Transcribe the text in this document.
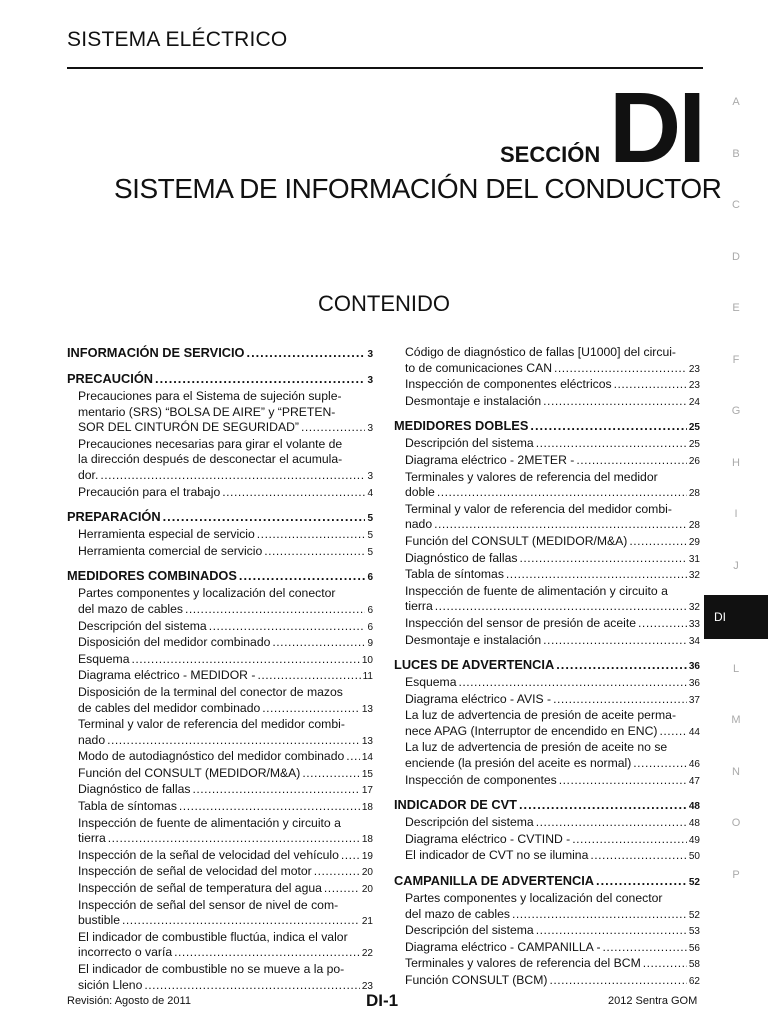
SISTEMA ELÉCTRICO
SECCIÓN DI
SISTEMA DE INFORMACIÓN DEL CONDUCTOR
CONTENIDO
A
B
C
D
E
F
G
H
I
J
DI
L
M
N
O
P
INFORMACIÓN DE SERVICIO .....	3
PRECAUCIÓN .....	3
Precauciones para el Sistema de sujeción suple-
mentario (SRS) “BOLSA DE AIRE” y “PRETEN-
SOR DEL CINTURÓN DE SEGURIDAD” .....	3
Precauciones necesarias para girar el volante de
la dirección después de desconectar el acumula-
dor. .....	3
Precaución para el trabajo .....	4
PREPARACIÓN .....	5
Herramienta especial de servicio .....	5
Herramienta comercial de servicio .....	5
MEDIDORES COMBINADOS .....	6
Partes componentes y localización del conector
del mazo de cables .....	6
Descripción del sistema .....	6
Disposición del medidor combinado .....	9
Esquema .....	10
Diagrama eléctrico - MEDIDOR - .....	11
Disposición de la terminal del conector de mazos
de cables del medidor combinado .....	13
Terminal y valor de referencia del medidor combi-
nado .....	13
Modo de autodiagnóstico del medidor combinado ..... 14
Función del CONSULT (MEDIDOR/M&A) .....	15
Diagnóstico de fallas .....	17
Tabla de síntomas .....	18
Inspección de fuente de alimentación y circuito a
tierra .....	18
Inspección de la señal de velocidad del vehículo ..... 19
Inspección de señal de velocidad del motor .....	20
Inspección de señal de temperatura del agua .....	20
Inspección de señal del sensor de nivel de com-
bustible .....	21
El indicador de combustible fluctúa, indica el valor
incorrecto o varía .....	22
El indicador de combustible no se mueve a la po-
sición Lleno .....	23
Código de diagnóstico de fallas [U1000] del circui-
to de comunicaciones CAN .....	23
Inspección de componentes eléctricos .....	23
Desmontaje e instalación .....	24
MEDIDORES DOBLES .....	25
Descripción del sistema .....	25
Diagrama eléctrico - 2METER - .....	26
Terminales y valores de referencia del medidor
doble .....	28
Terminal y valor de referencia del medidor combi-
nado .....	28
Función del CONSULT (MEDIDOR/M&A) .....	29
Diagnóstico de fallas .....	31
Tabla de síntomas .....	32
Inspección de fuente de alimentación y circuito a
tierra .....	32
Inspección del sensor de presión de aceite .....	33
Desmontaje e instalación .....	34
LUCES DE ADVERTENCIA .....	36
Esquema .....	36
Diagrama eléctrico - AVIS - .....	37
La luz de advertencia de presión de aceite perma-
nece APAG (Interruptor de encendido en ENC) .....	44
La luz de advertencia de presión de aceite no se
enciende (la presión del aceite es normal) .....	46
Inspección de componentes .....	47
INDICADOR DE CVT .....	48
Descripción del sistema .....	48
Diagrama eléctrico - CVTIND - .....	49
El indicador de CVT no se ilumina .....	50
CAMPANILLA DE ADVERTENCIA .....	52
Partes componentes y localización del conector
del mazo de cables .....	52
Descripción del sistema .....	53
Diagrama eléctrico - CAMPANILLA - .....	56
Terminales y valores de referencia del BCM .....	58
Función CONSULT (BCM) .....	62
Revisión: Agosto de 2011	DI-1	2012 Sentra GOM
